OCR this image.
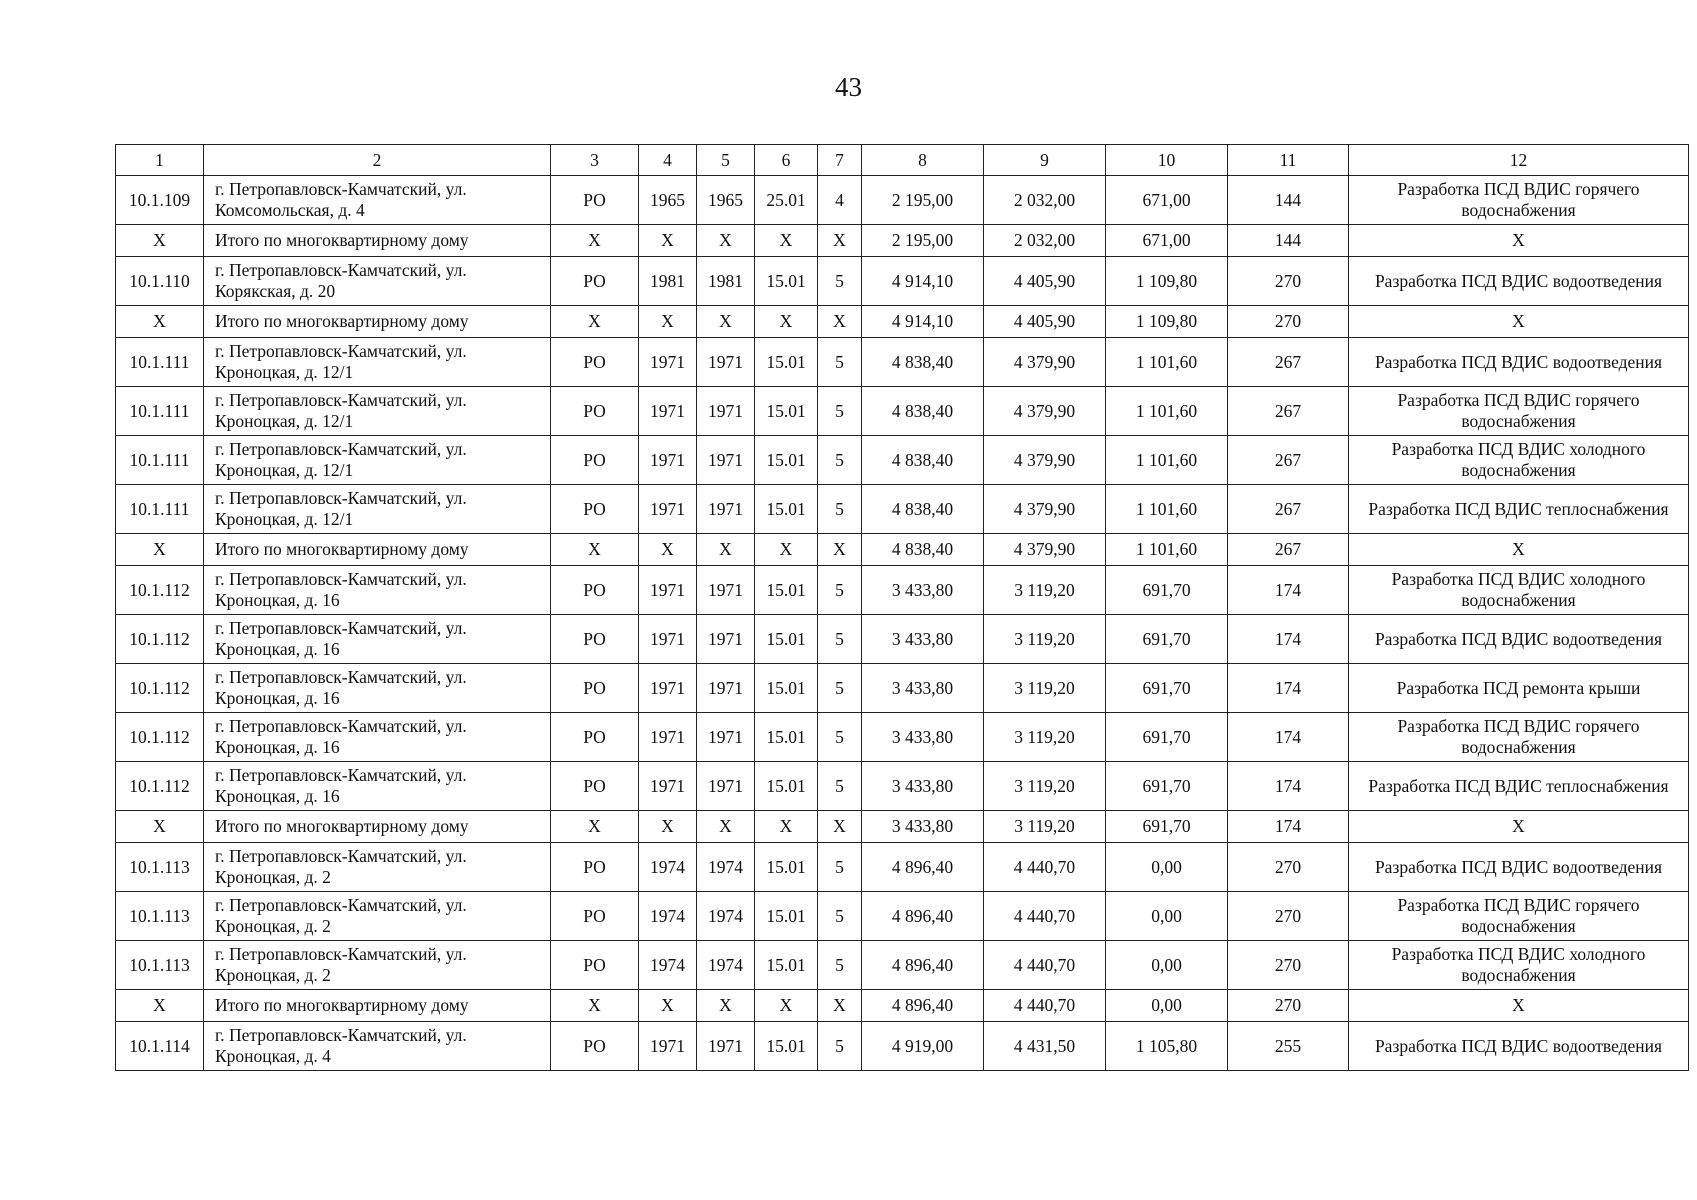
43
1	2	3	4	5	6	7	8	9	10	11	12
10.1.109	г. Петропавловск-Камчатский, ул. Комсомольская, д. 4	РО	1965	1965	25.01	4	2 195,00	2 032,00	671,00	144	Разработка ПСД ВДИС горячего водоснабжения
Х	Итого по многоквартирному дому	Х	Х	Х	Х	Х	2 195,00	2 032,00	671,00	144	Х
10.1.110	г. Петропавловск-Камчатский, ул. Корякская, д. 20	РО	1981	1981	15.01	5	4 914,10	4 405,90	1 109,80	270	Разработка ПСД ВДИС водоотведения
Х	Итого по многоквартирному дому	Х	Х	Х	Х	Х	4 914,10	4 405,90	1 109,80	270	Х
10.1.111	г. Петропавловск-Камчатский, ул. Кроноцкая, д. 12/1	РО	1971	1971	15.01	5	4 838,40	4 379,90	1 101,60	267	Разработка ПСД ВДИС водоотведения
10.1.111	г. Петропавловск-Камчатский, ул. Кроноцкая, д. 12/1	РО	1971	1971	15.01	5	4 838,40	4 379,90	1 101,60	267	Разработка ПСД ВДИС горячего водоснабжения
10.1.111	г. Петропавловск-Камчатский, ул. Кроноцкая, д. 12/1	РО	1971	1971	15.01	5	4 838,40	4 379,90	1 101,60	267	Разработка ПСД ВДИС холодного водоснабжения
10.1.111	г. Петропавловск-Камчатский, ул. Кроноцкая, д. 12/1	РО	1971	1971	15.01	5	4 838,40	4 379,90	1 101,60	267	Разработка ПСД ВДИС теплоснабжения
Х	Итого по многоквартирному дому	Х	Х	Х	Х	Х	4 838,40	4 379,90	1 101,60	267	Х
10.1.112	г. Петропавловск-Камчатский, ул. Кроноцкая, д. 16	РО	1971	1971	15.01	5	3 433,80	3 119,20	691,70	174	Разработка ПСД ВДИС холодного водоснабжения
10.1.112	г. Петропавловск-Камчатский, ул. Кроноцкая, д. 16	РО	1971	1971	15.01	5	3 433,80	3 119,20	691,70	174	Разработка ПСД ВДИС водоотведения
10.1.112	г. Петропавловск-Камчатский, ул. Кроноцкая, д. 16	РО	1971	1971	15.01	5	3 433,80	3 119,20	691,70	174	Разработка ПСД ремонта крыши
10.1.112	г. Петропавловск-Камчатский, ул. Кроноцкая, д. 16	РО	1971	1971	15.01	5	3 433,80	3 119,20	691,70	174	Разработка ПСД ВДИС горячего водоснабжения
10.1.112	г. Петропавловск-Камчатский, ул. Кроноцкая, д. 16	РО	1971	1971	15.01	5	3 433,80	3 119,20	691,70	174	Разработка ПСД ВДИС теплоснабжения
Х	Итого по многоквартирному дому	Х	Х	Х	Х	Х	3 433,80	3 119,20	691,70	174	Х
10.1.113	г. Петропавловск-Камчатский, ул. Кроноцкая, д. 2	РО	1974	1974	15.01	5	4 896,40	4 440,70	0,00	270	Разработка ПСД ВДИС водоотведения
10.1.113	г. Петропавловск-Камчатский, ул. Кроноцкая, д. 2	РО	1974	1974	15.01	5	4 896,40	4 440,70	0,00	270	Разработка ПСД ВДИС горячего водоснабжения
10.1.113	г. Петропавловск-Камчатский, ул. Кроноцкая, д. 2	РО	1974	1974	15.01	5	4 896,40	4 440,70	0,00	270	Разработка ПСД ВДИС холодного водоснабжения
Х	Итого по многоквартирному дому	Х	Х	Х	Х	Х	4 896,40	4 440,70	0,00	270	Х
10.1.114	г. Петропавловск-Камчатский, ул. Кроноцкая, д. 4	РО	1971	1971	15.01	5	4 919,00	4 431,50	1 105,80	255	Разработка ПСД ВДИС водоотведения
